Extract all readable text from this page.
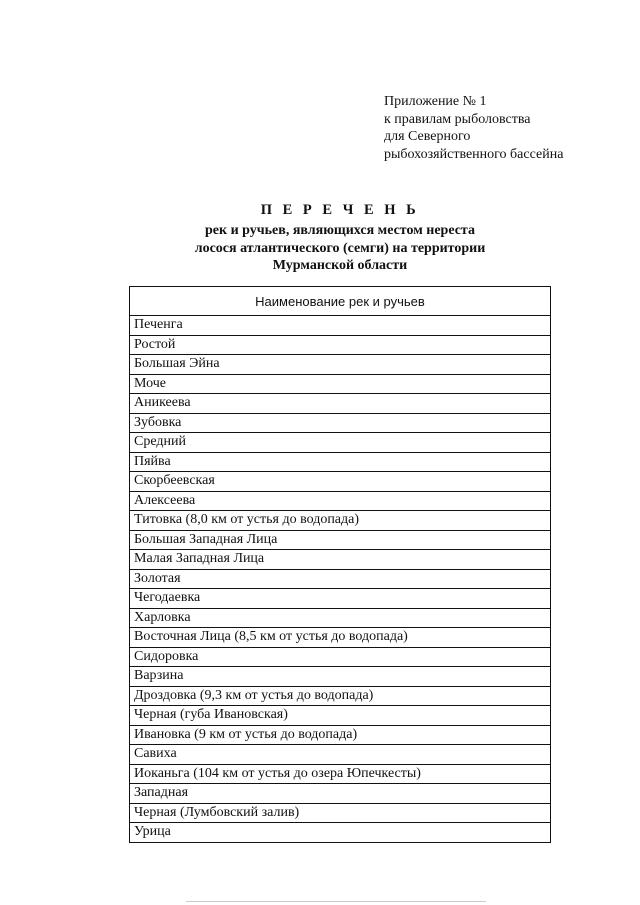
Приложение № 1
к правилам рыболовства
для Северного
рыбохозяйственного бассейна
П Е Р Е Ч Е Н Ь
рек и ручьев, являющихся местом нереста
лосося атлантического (семги) на территории
Мурманской области
Наименование рек и ручьев
Печенга
Ростой
Большая Эйна
Моче
Аникеева
Зубовка
Средний
Пяйва
Скорбеевская
Алексеева
Титовка (8,0 км от устья до водопада)
Большая Западная Лица
Малая Западная Лица
Золотая
Чегодаевка
Харловка
Восточная Лица (8,5 км от устья до водопада)
Сидоровка
Варзина
Дроздовка (9,3 км от устья до водопада)
Черная (губа Ивановская)
Ивановка (9 км от устья до водопада)
Савиха
Иоканьга (104 км от устья до озера Юпечкесты)
Западная
Черная (Лумбовский залив)
Урица
